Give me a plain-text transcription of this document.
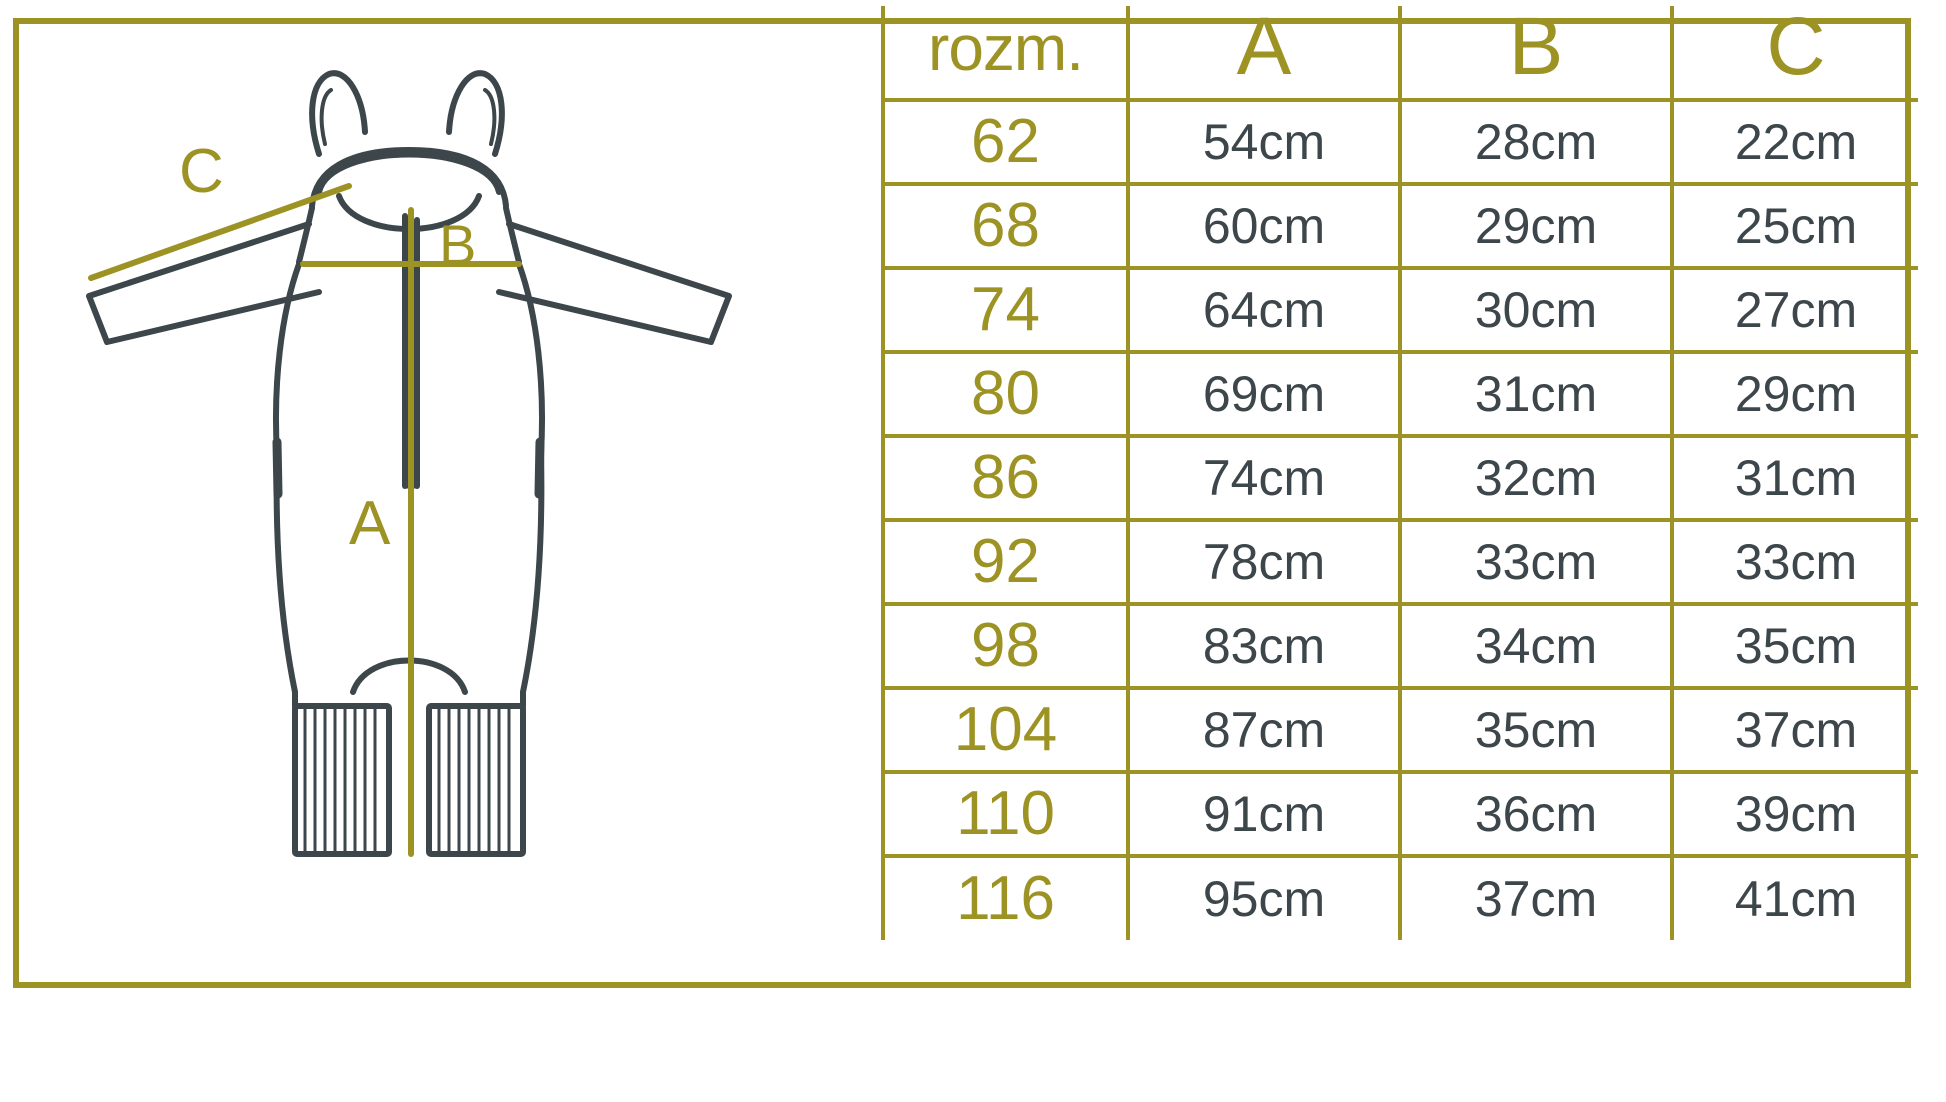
C
B
A
rozm.	A	B	C
62	54cm	28cm	22cm
68	60cm	29cm	25cm
74	64cm	30cm	27cm
80	69cm	31cm	29cm
86	74cm	32cm	31cm
92	78cm	33cm	33cm
98	83cm	34cm	35cm
104	87cm	35cm	37cm
110	91cm	36cm	39cm
116	95cm	37cm	41cm
